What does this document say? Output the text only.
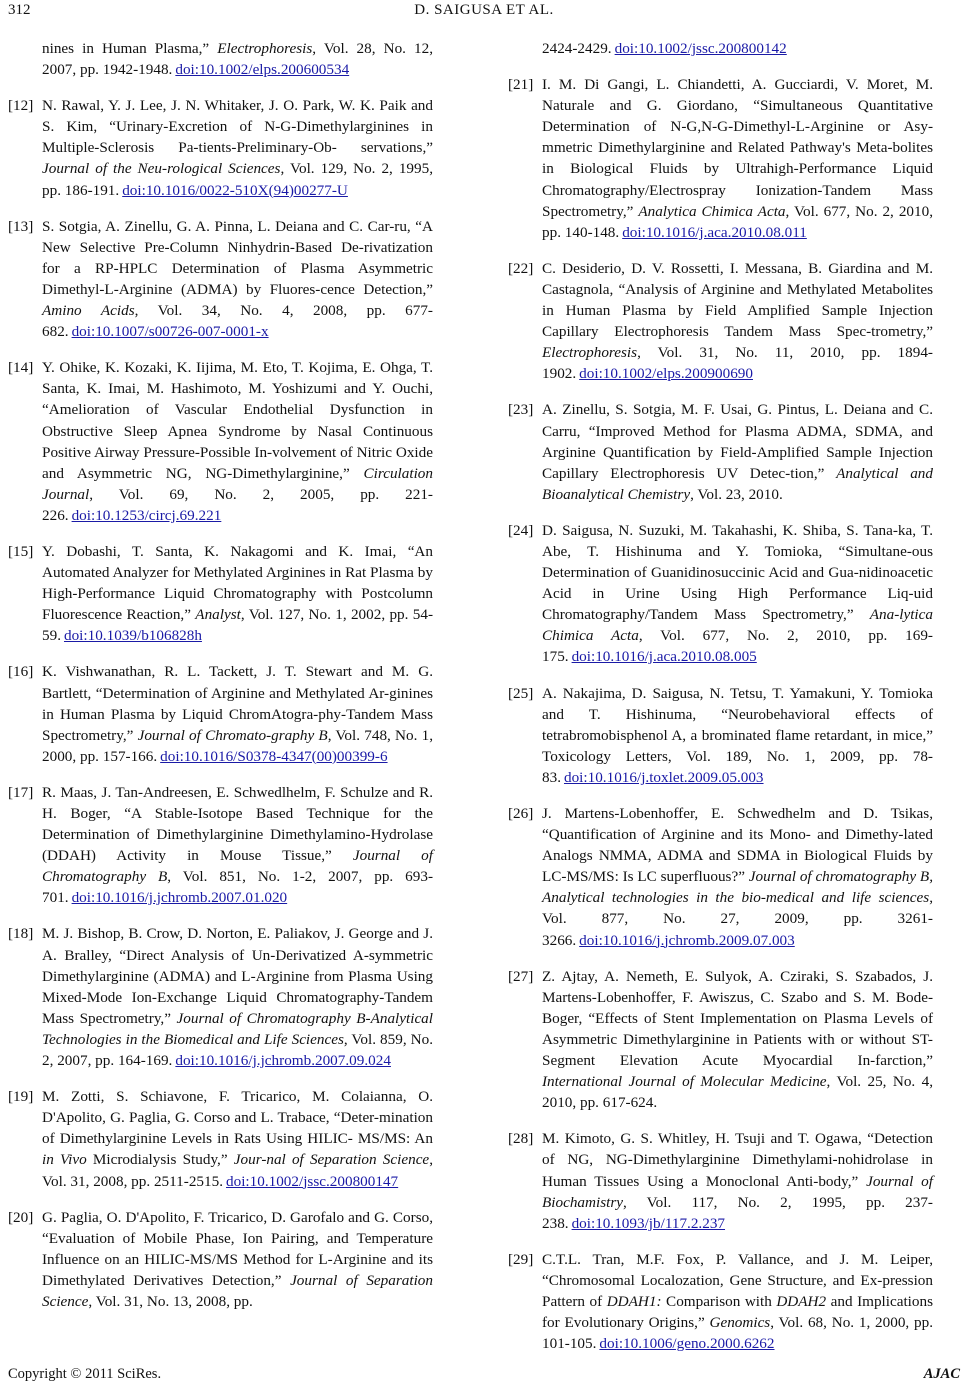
312	D. SAIGUSA ET AL.
nines in Human Plasma,” Electrophoresis, Vol. 28, No. 12, 2007, pp. 1942-1948. doi:10.1002/elps.200600534
[12] N. Rawal, Y. J. Lee, J. N. Whitaker, J. O. Park, W. K. Paik and S. Kim, “Urinary-Excretion of N-G-Dimethylarginines in Multiple-Sclerosis Pa-tients-Preliminary-Ob- servations,” Journal of the Neu-rological Sciences, Vol. 129, No. 2, 1995, pp. 186-191. doi:10.1016/0022-510X(94)00277-U
[13] S. Sotgia, A. Zinellu, G. A. Pinna, L. Deiana and C. Car-ru, “A New Selective Pre-Column Ninhydrin-Based De-rivatization for a RP-HPLC Determination of Plasma Asymmetric Dimethyl-L-Arginine (ADMA) by Fluores-cence Detection,” Amino Acids, Vol. 34, No. 4, 2008, pp. 677-682. doi:10.1007/s00726-007-0001-x
[14] Y. Ohike, K. Kozaki, K. Iijima, M. Eto, T. Kojima, E. Ohga, T. Santa, K. Imai, M. Hashimoto, M. Yoshizumi and Y. Ouchi, “Amelioration of Vascular Endothelial Dysfunction in Obstructive Sleep Apnea Syndrome by Nasal Continuous Positive Airway Pressure-Possible In-volvement of Nitric Oxide and Asymmetric NG, NG-Dimethylarginine,” Circulation Journal, Vol. 69, No. 2, 2005, pp. 221-226. doi:10.1253/circj.69.221
[15] Y. Dobashi, T. Santa, K. Nakagomi and K. Imai, “An Automated Analyzer for Methylated Arginines in Rat Plasma by High-Performance Liquid Chromatography with Postcolumn Fluorescence Reaction,” Analyst, Vol. 127, No. 1, 2002, pp. 54-59. doi:10.1039/b106828h
[16] K. Vishwanathan, R. L. Tackett, J. T. Stewart and M. G. Bartlett, “Determination of Arginine and Methylated Ar-ginines in Human Plasma by Liquid ChromAtogra-phy-Tandem Mass Spectrometry,” Journal of Chromato-graphy B, Vol. 748, No. 1, 2000, pp. 157-166. doi:10.1016/S0378-4347(00)00399-6
[17] R. Maas, J. Tan-Andreesen, E. Schwedlhelm, F. Schulze and R. H. Boger, “A Stable-Isotope Based Technique for the Determination of Dimethylarginine Dimethylamino-Hydrolase (DDAH) Activity in Mouse Tissue,” Journal of Chromatography B, Vol. 851, No. 1-2, 2007, pp. 693-701. doi:10.1016/j.jchromb.2007.01.020
[18] M. J. Bishop, B. Crow, D. Norton, E. Paliakov, J. George and J. A. Bralley, “Direct Analysis of Un-Derivatized A-symmetric Dimethylarginine (ADMA) and L-Arginine from Plasma Using Mixed-Mode Ion-Exchange Liquid Chromatography-Tandem Mass Spectrometry,” Journal of Chromatography B-Analytical Technologies in the Biomedical and Life Sciences, Vol. 859, No. 2, 2007, pp. 164-169. doi:10.1016/j.jchromb.2007.09.024
[19] M. Zotti, S. Schiavone, F. Tricarico, M. Colaianna, O. D'Apolito, G. Paglia, G. Corso and L. Trabace, “Deter-mination of Dimethylarginine Levels in Rats Using HILIC- MS/MS: An in Vivo Microdialysis Study,” Jour-nal of Separation Science, Vol. 31, 2008, pp. 2511-2515. doi:10.1002/jssc.200800147
[20] G. Paglia, O. D'Apolito, F. Tricarico, D. Garofalo and G. Corso, “Evaluation of Mobile Phase, Ion Pairing, and Temperature Influence on an HILIC-MS/MS Method for L-Arginine and its Dimethylated Derivatives Detection,” Journal of Separation Science, Vol. 31, No. 13, 2008, pp.
2424-2429. doi:10.1002/jssc.200800142
[21] I. M. Di Gangi, L. Chiandetti, A. Gucciardi, V. Moret, M. Naturale and G. Giordano, “Simultaneous Quantitative Determination of N-G,N-G-Dimethyl-L-Arginine or Asy-mmetric Dimethylarginine and Related Pathway's Meta-bolites in Biological Fluids by Ultrahigh-Performance Liquid Chromatography/Electrospray Ionization-Tandem Mass Spectrometry,” Analytica Chimica Acta, Vol. 677, No. 2, 2010, pp. 140-148. doi:10.1016/j.aca.2010.08.011
[22] C. Desiderio, D. V. Rossetti, I. Messana, B. Giardina and M. Castagnola, “Analysis of Arginine and Methylated Metabolites in Human Plasma by Field Amplified Sample Injection Capillary Electrophoresis Tandem Mass Spec-trometry,” Electrophoresis, Vol. 31, No. 11, 2010, pp. 1894-1902. doi:10.1002/elps.200900690
[23] A. Zinellu, S. Sotgia, M. F. Usai, G. Pintus, L. Deiana and C. Carru, “Improved Method for Plasma ADMA, SDMA, and Arginine Quantification by Field-Amplified Sample Injection Capillary Electrophoresis UV Detec-tion,” Analytical and Bioanalytical Chemistry, Vol. 23, 2010.
[24] D. Saigusa, N. Suzuki, M. Takahashi, K. Shiba, S. Tana-ka, T. Abe, T. Hishinuma and Y. Tomioka, “Simultane-ous Determination of Guanidinosuccinic Acid and Gua-nidinoacetic Acid in Urine Using High Performance Liq-uid Chromatography/Tandem Mass Spectrometry,” Ana-lytica Chimica Acta, Vol. 677, No. 2, 2010, pp. 169- 175. doi:10.1016/j.aca.2010.08.005
[25] A. Nakajima, D. Saigusa, N. Tetsu, T. Yamakuni, Y. Tomioka and T. Hishinuma, “Neurobehavioral effects of tetrabromobisphenol A, a brominated flame retardant, in mice,” Toxicology Letters, Vol. 189, No. 1, 2009, pp. 78-83. doi:10.1016/j.toxlet.2009.05.003
[26] J. Martens-Lobenhoffer, E. Schwedhelm and D. Tsikas, “Quantification of Arginine and its Mono- and Dimethy-lated Analogs NMMA, ADMA and SDMA in Biological Fluids by LC-MS/MS: Is LC superfluous?” Journal of chromatography B, Analytical technologies in the bio-medical and life sciences, Vol. 877, No. 27, 2009, pp. 3261-3266. doi:10.1016/j.jchromb.2009.07.003
[27] Z. Ajtay, A. Nemeth, E. Sulyok, A. Cziraki, S. Szabados, J. Martens-Lobenhoffer, F. Awiszus, C. Szabo and S. M. Bode-Boger, “Effects of Stent Implementation on Plasma Levels of Asymmetric Dimethylarginine in Patients with or without ST-Segment Elevation Acute Myocardial In-farction,” International Journal of Molecular Medicine, Vol. 25, No. 4, 2010, pp. 617-624.
[28] M. Kimoto, G. S. Whitley, H. Tsuji and T. Ogawa, “Detection of NG, NG-Dimethylarginine Dimethylami-nohidrolase in Human Tissues Using a Monoclonal Anti-body,” Journal of Biochamistry, Vol. 117, No. 2, 1995, pp. 237-238. doi:10.1093/jb/117.2.237
[29] C.T.L. Tran, M.F. Fox, P. Vallance, and J. M. Leiper, “Chromosomal Localozation, Gene Structure, and Ex-pression Pattern of DDAH1: Comparison with DDAH2 and Implications for Evolutionary Origins,” Genomics, Vol. 68, No. 1, 2000, pp. 101-105. doi:10.1006/geno.2000.6262
Copyright © 2011 SciRes.	AJAC
